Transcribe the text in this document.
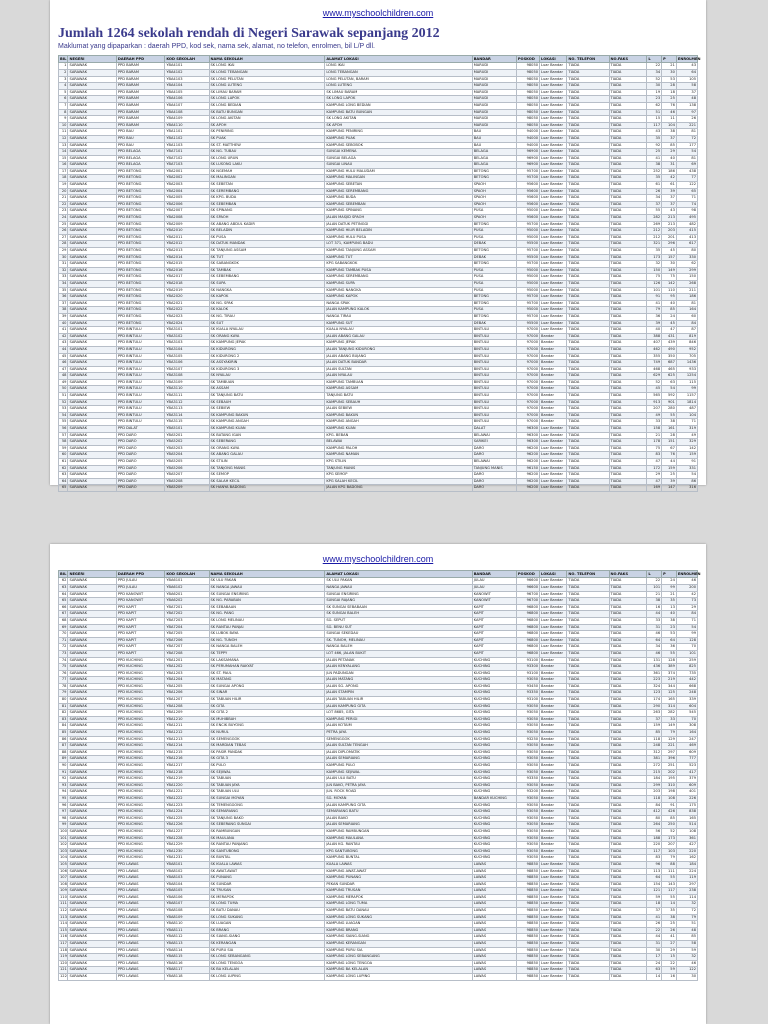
www.myschoolchildren.com
Jumlah 1264 sekolah rendah di Negeri Sarawak sepanjang 2012
Maklumat yang dipaparkan : daerah PPD, kod sek, nama sek, alamat, no telefon, enrolmen, bil L/P dll.
BIL	NEGERI	DAERAH PPD	KOD SEKOLAH	NAMA SEKOLAH	ALAMAT LOKASI	BANDAR	POSKOD	LOKASI	NO. TELEFON	NO.FAKS	L	P	ENROLMEN
1	SARAWAK	PPD BARAM	YBA4101	SK LONG IKAI	LONG IKAI	MARUDI	98050	Luar Bandar	TIADA	TIADA	22	21	43
2	SARAWAK	PPD BARAM	YBA4102	SK LONG TEBANGAN	LONG TEBANGAN	MARUDI	98050	Luar Bandar	TIADA	TIADA	34	30	64
3	SARAWAK	PPD BARAM	YBA4103	SK LONG PELUTAN	LONG PELUTAN, BARAM	MARUDI	98050	Luar Bandar	TIADA	TIADA	52	53	105
4	SARAWAK	PPD BARAM	YBA4104	SK LONG LUTENG	LONG LUTENG	MARUDI	98050	Luar Bandar	TIADA	TIADA	30	28	58
5	SARAWAK	PPD BARAM	YBA4105	SK LIMAU BARAM	SK LIMAU BARAM	MARUDI	98050	Luar Bandar	TIADA	TIADA	19	18	37
6	SARAWAK	PPD BARAM	YBA4106	SK LONG LAPOK	SK LONG LAPOK	MARUDI	98050	Luar Bandar	TIADA	TIADA	23	25	48
7	SARAWAK	PPD BARAM	YBA4107	SK LONG BEDIAN	KAMPUNG LONG BEDIAN	MARUDI	98050	Luar Bandar	TIADA	TIADA	62	76	138
8	SARAWAK	PPD BARAM	YBA4108	SK BATU BUNGAN	KAMPUNG BATU BUNGAN	MARUDI	98050	Luar Bandar	TIADA	TIADA	51	46	97
9	SARAWAK	PPD BARAM	YBA4109	SK LONG AKITAN	SK LONG AKITAN	MARUDI	98050	Luar Bandar	TIADA	TIADA	15	11	26
10	SARAWAK	PPD BARAM	YBA4110	SK APOH	SK APOH	MARUDI	98050	Luar Bandar	TIADA	TIADA	117	104	221
11	SARAWAK	PPD BAU	YBA1101	SK PENIRING	KAMPUNG PENIRING	BAU	94000	Luar Bandar	TIADA	TIADA	43	38	81
12	SARAWAK	PPD BAU	YBA1102	SK PUAK	KAMPUNG PUAK	BAU	94000	Luar Bandar	TIADA	TIADA	35	37	72
13	SARAWAK	PPD BAU	YBA1103	SK ST. MATTHEW	KAMPUNG SEBOBOK	BAU	94000	Luar Bandar	TIADA	TIADA	92	85	177
14	SARAWAK	PPD BELAGA	YBA7101	SK NG. TUBAU	SUNGAI KEMENA	BELAGA	96900	Luar Bandar	TIADA	TIADA	25	29	54
15	SARAWAK	PPD BELAGA	YBA7102	SK LONG URUN	SUNGAI BELAGA	BELAGA	96900	Luar Bandar	TIADA	TIADA	41	40	81
16	SARAWAK	PPD BELAGA	YBA7103	SK LUSONG LAKU	SUNGAI LINAU	BELAGA	96900	Luar Bandar	TIADA	TIADA	38	31	69
17	SARAWAK	PPD BETONG	YBA2001	SK NGEMAH	KAMPUNG HULU MALUDAM	BETONG	95700	Luar Bandar	TIADA	TIADA	252	186	438
18	SARAWAK	PPD BETONG	YBA2002	SK MALINGAN	KAMPUNG MALINGAN	BETONG	95700	Luar Bandar	TIADA	TIADA	35	42	77
19	SARAWAK	PPD BETONG	YBA2003	SK SEBETAN	KAMPUNG SEBETAN	SPAOH	95600	Luar Bandar	TIADA	TIADA	61	61	122
20	SARAWAK	PPD BETONG	YBA2004	SK SEREMBANG	KAMPUNG SEREMBANG	SPAOH	95600	Luar Bandar	TIADA	TIADA	26	39	65
21	SARAWAK	PPD BETONG	YBA2005	SK KPG. BUDA	KAMPUNG BUDA	SPAOH	95600	Luar Bandar	TIADA	TIADA	34	37	71
22	SARAWAK	PPD BETONG	YBA2006	SK SEBEMBAN	KAMPUNG SEBEMBAN	SPAOH	95600	Luar Bandar	TIADA	TIADA	37	37	74
23	SARAWAK	PPD BETONG	YBA2007	SK SPINANG	KAMPUNG SPINANG	PUSA	95000	Luar Bandar	TIADA	TIADA	55	43	98
24	SARAWAK	PPD BETONG	YBA2008	SK SPAOH	JALAN MASJID SPAOH	SPAOH	95600	Luar Bandar	TIADA	TIADA	282	213	495
25	SARAWAK	PPD BETONG	YBA2009	SK ABANG ABDUL KADIR	JALAN DATUK PETINGGI	BETONG	95700	Luar Bandar	TIADA	TIADA	269	213	482
26	SARAWAK	PPD BETONG	YBA2010	SK BELADIN	KAMPUNG HILIR BELADIN	PUSA	95000	Luar Bandar	TIADA	TIADA	212	203	415
27	SARAWAK	PPD BETONG	YBA2011	SK PUSA	KAMPUNG HULU PUSA	PUSA	95000	Luar Bandar	TIADA	TIADA	212	201	413
28	SARAWAK	PPD BETONG	YBA2012	SK DATUK MANDAK	LOT 371, KAMPUNG BADU	DEBAK	95500	Luar Bandar	TIADA	TIADA	321	296	617
29	SARAWAK	PPD BETONG	YBA2013	SK TANJUNG ASSAM	KAMPUNG TANJUNG ASSAM	BETONG	95700	Luar Bandar	TIADA	TIADA	35	45	80
30	SARAWAK	PPD BETONG	YBA2014	SK TUT	KAMPUNG TUT	DEBAK	95500	Luar Bandar	TIADA	TIADA	173	157	330
31	SARAWAK	PPD BETONG	YBA2015	SK SABANGKOK	KPG SABANGKOK	BETONG	95700	Luar Bandar	TIADA	TIADA	32	30	62
32	SARAWAK	PPD BETONG	YBA2016	SK TAMBAK	KAMPUNG TAMBAK PUSA	PUSA	95000	Luar Bandar	TIADA	TIADA	150	149	299
33	SARAWAK	PPD BETONG	YBA2017	SK SEBEMBANG	KAMPUNG SEREMBANG	PUSA	95000	Luar Bandar	TIADA	TIADA	75	75	150
34	SARAWAK	PPD BETONG	YBA2018	SK SUPA	KAMPUNG SUPA	PUSA	95000	Luar Bandar	TIADA	TIADA	126	142	268
35	SARAWAK	PPD BETONG	YBA2019	SK NANGKA	KAMPUNG NANGKA	PUSA	95000	Luar Bandar	TIADA	TIADA	101	110	211
36	SARAWAK	PPD BETONG	YBA2020	SK KAPOK	KAMPUNG KAPOK	BETONG	95700	Luar Bandar	TIADA	TIADA	91	95	186
37	SARAWAK	PPD BETONG	YBA2021	SK NG. SPAK	NANGA SPAK	BETONG	95700	Luar Bandar	TIADA	TIADA	41	40	81
38	SARAWAK	PPD BETONG	YBA2022	SK KALOK	JALAN KAMPUNG KALOK	PUSA	95000	Luar Bandar	TIADA	TIADA	79	85	164
39	SARAWAK	PPD BETONG	YBA2023	SK NG. TIRAU	NANGA TIRAU	BETONG	95700	Luar Bandar	TIADA	TIADA	36	24	60
40	SARAWAK	PPD BETONG	YBA2024	SK SUT	KAMPUNG SUT	DEBAK	95500	Luar Bandar	TIADA	TIADA	39	45	84
41	SARAWAK	PPD BINTULU	YBA3101	SK KUALA NYALAU	KUALA NYALAU	BINTULU	97000	Luar Bandar	TIADA	TIADA	40	47	87
42	SARAWAK	PPD BINTULU	YBA3102	SK ORANG KAYA	JALAN ABANG GALAU	BINTULU	97000	Bandar	TIADA	TIADA	388	431	819
43	SARAWAK	PPD BINTULU	YBA3103	SK KAMPUNG JEPAK	KAMPUNG JEPAK	BINTULU	97000	Bandar	TIADA	TIADA	407	439	846
44	SARAWAK	PPD BINTULU	YBA3104	SK KIDURONG	JALAN TANJUNG KIDURONG	BINTULU	97000	Bandar	TIADA	TIADA	462	490	952
45	SARAWAK	PPD BINTULU	YBA3105	SK KIDURONG 2	JALAN ABANG BUJANG	BINTULU	97000	Bandar	TIADA	TIADA	355	350	705
46	SARAWAK	PPD BINTULU	YBA3106	SK ASSYAKIRIN	JALAN DATUK BANDAR	BINTULU	97000	Bandar	TIADA	TIADA	749	687	1436
47	SARAWAK	PPD BINTULU	YBA3107	SK KIDURONG 3	JALAN SULTAN	BINTULU	97000	Bandar	TIADA	TIADA	468	465	933
48	SARAWAK	PPD BINTULU	YBA3108	SK NYALAU	JALAN NYALAU	BINTULU	97000	Bandar	TIADA	TIADA	629	625	1254
49	SARAWAK	PPD BINTULU	YBA3109	SK TAMBUAN	KAMPUNG TAMBUAN	BINTULU	97000	Bandar	TIADA	TIADA	52	63	115
50	SARAWAK	PPD BINTULU	YBA3110	SK ASSAM	KAMPUNG ASSAM	BINTULU	97000	Bandar	TIADA	TIADA	45	54	99
51	SARAWAK	PPD BINTULU	YBA3111	SK TANJUNG BATU	TANJUNG BATU	BINTULU	97000	Bandar	TIADA	TIADA	565	592	1157
52	SARAWAK	PPD BINTULU	YBA3112	SK SEBAUH	KAMPUNG SEBAUH	BINTULU	97000	Bandar	TIADA	TIADA	913	901	1814
53	SARAWAK	PPD BINTULU	YBA3113	SK SEBIEW	JALAN SEBIEW	BINTULU	97000	Bandar	TIADA	TIADA	207	280	487
54	SARAWAK	PPD BINTULU	YBA3114	SK KAMPUNG BAKUN	KAMPUNG BAKUN	BINTULU	97000	Bandar	TIADA	TIADA	49	55	104
55	SARAWAK	PPD BINTULU	YBA3115	SK KAMPUNG ANGAH	KAMPUNG ANGAH	BINTULU	97000	Bandar	TIADA	TIADA	33	38	71
56	SARAWAK	PPD DALAT	YBA5101	SK KAMPUNG KUAN	KAMPUNG KUAN	DALAT	96300	Luar Bandar	TIADA	TIADA	158	161	319
57	SARAWAK	PPD DARO	YBA5201	SK BATANG IGAN	KPG. BEBAN	BELAWAI	96300	Luar Bandar	TIADA	TIADA	21	28	49
58	SARAWAK	PPD DARO	YBA5202	SK SEBERANG	BELAWAI	SARIKEI	96300	Luar Bandar	TIADA	TIADA	178	151	329
59	SARAWAK	PPD DARO	YBA5203	SK ORANG KAYA	KAMPUNG PALOH	DARO	96200	Luar Bandar	TIADA	TIADA	75	67	142
60	SARAWAK	PPD DARO	YBA5204	SK ABANG GALAU	KAMPUNG NAMAN	DARO	96200	Luar Bandar	TIADA	TIADA	83	76	159
61	SARAWAK	PPD DARO	YBA5205	SK STILIN	KPG STILIN	BELAWAI	96200	Luar Bandar	TIADA	TIADA	47	44	91
62	SARAWAK	PPD DARO	YBA5206	SK TANJONG MANIS	TANJUNG MANIS	TANJUNG MANIS	96150	Luar Bandar	TIADA	TIADA	172	159	331
63	SARAWAK	PPD DARO	YBA5207	SK SEMOP	KPG SEMOP	DARO	96200	Luar Bandar	TIADA	TIADA	29	25	54
64	SARAWAK	PPD DARO	YBA5208	SK SALAH KECIL	KPG SALAH KECIL	DARO	96200	Luar Bandar	TIADA	TIADA	47	39	86
65	SARAWAK	PPD DARO	YBA5209	SK HANYA BADONG	JALAN KPG BADONG	DARO	96200	Luar Bandar	TIADA	TIADA	169	147	316
www.myschoolchildren.com
BIL	NEGERI	DAERAH PPD	KOD SEKOLAH	NAMA SEKOLAH	ALAMAT LOKASI	BANDAR	POSKOD	LOKASI	NO. TELEFON	NO.FAKS	L	P	ENROLMEN
62	SARAWAK	PPD JULAU	YBA6101	SK ULU PAKAN	SK ULU PAKAN	JULAU	96600	Luar Bandar	TIADA	TIADA	22	24	46
63	SARAWAK	PPD JULAU	YBA6102	SK NANGA JAWAU	NANGA JAWAU	JULAU	96600	Luar Bandar	TIADA	TIADA	101	99	200
64	SARAWAK	PPD KANOWIT	YBA6201	SK SUNGAI ENSIRING	SUNGAI ENSIRING	KANOWIT	96700	Luar Bandar	TIADA	TIADA	21	21	42
65	SARAWAK	PPD KANOWIT	YBA6202	SK NG. PARABAN	SUNGAI RAJANG	KANOWIT	96700	Luar Bandar	TIADA	TIADA	38	35	73
66	SARAWAK	PPD KAPIT	YBA7201	SK SEBABAAN	SK SUNGAI SEBABAAN	KAPIT	96800	Luar Bandar	TIADA	TIADA	16	13	29
67	SARAWAK	PPD KAPIT	YBA7202	SK NG. PANG	SK SUNGAI BALEH	KAPIT	96800	Luar Bandar	TIADA	TIADA	44	40	84
68	SARAWAK	PPD KAPIT	YBA7203	SK LONG MELINAU	SG. SEPUT	KAPIT	96800	Luar Bandar	TIADA	TIADA	33	38	71
69	SARAWAK	PPD KAPIT	YBA7204	SK RANTAU PANJAI	SG. BENU SUT	KAPIT	96800	Luar Bandar	TIADA	TIADA	31	23	54
70	SARAWAK	PPD KAPIT	YBA7205	SK LUBOK BAYA	SUNGAI SEKEDAU	KAPIT	96800	Luar Bandar	TIADA	TIADA	46	53	99
71	SARAWAK	PPD KAPIT	YBA7206	SK NG. TUNOH	SK. TUNOH, MELINAU	KAPIT	96800	Luar Bandar	TIADA	TIADA	64	64	128
72	SARAWAK	PPD KAPIT	YBA7207	SK NANGA BALEH	NANGA BALEH	KAPIT	96800	Luar Bandar	TIADA	TIADA	34	36	70
73	SARAWAK	PPD KAPIT	YBA7208	SK TEPPY	LOT 466, JALAN BUKIT	KAPIT	96800	Luar Bandar	TIADA	TIADA	46	55	101
74	SARAWAK	PPD KUCHING	YBA1201	SK LAKSAMANA	JALAN PETANAK	KUCHING	93100	Bandar	TIADA	TIADA	131	128	259
75	SARAWAK	PPD KUCHING	YBA1202	SK PERUMAHAN RAKYAT	JALAN KENYALANG	KUCHING	93300	Bandar	TIADA	TIADA	436	389	825
76	SARAWAK	PPD KUCHING	YBA1203	SK ST. PAUL	JLN PADUNGAN	KUCHING	93100	Bandar	TIADA	TIADA	361	374	735
77	SARAWAK	PPD KUCHING	YBA1204	SK MATANG	JALAN MATANG	KUCHING	93050	Bandar	TIADA	TIADA	223	219	442
78	SARAWAK	PPD KUCHING	YBA1205	SK SUNGAI APONG	JALAN SG. APONG	KUCHING	93450	Bandar	TIADA	TIADA	324	344	668
79	SARAWAK	PPD KUCHING	YBA1206	SK SINAR	JALAN STAMPIN	KUCHING	93350	Bandar	TIADA	TIADA	123	125	248
80	SARAWAK	PPD KUCHING	YBA1207	SK TABUAN HILIR	JALAN TABUAN HILIR	KUCHING	93100	Bandar	TIADA	TIADA	174	165	339
81	SARAWAK	PPD KUCHING	YBA1208	SK GITA	JALAN KAMPUNG GITA	KUCHING	93050	Bandar	TIADA	TIADA	290	314	604
82	SARAWAK	PPD KUCHING	YBA1209	SK GITA 2	LOT 8685, GITA	KUCHING	93050	Bandar	TIADA	TIADA	263	282	545
83	SARAWAK	PPD KUCHING	YBA1210	SK MUHIBBAH	KAMPUNG PERIGI	KUCHING	93050	Bandar	TIADA	TIADA	37	33	70
84	SARAWAK	PPD KUCHING	YBA1211	SK ENCIK BUYONG	JALAN KOTAIM	KUCHING	93050	Bandar	TIADA	TIADA	159	149	308
85	SARAWAK	PPD KUCHING	YBA1212	SK NURUL	PETRA JAYA	KUCHING	93050	Bandar	TIADA	TIADA	85	79	164
86	SARAWAK	PPD KUCHING	YBA1213	SK SEMENGGOK	SEMENGGOK	KUCHING	93250	Bandar	TIADA	TIADA	118	129	247
87	SARAWAK	PPD KUCHING	YBA1214	SK MARDIAN TEBAS	JALAN SULTAN TENGAH	KUCHING	93050	Bandar	TIADA	TIADA	248	221	469
88	SARAWAK	PPD KUCHING	YBA1215	SK PASIR PANDAK	JALAN DIPLOMATIK	KUCHING	93050	Bandar	TIADA	TIADA	312	297	609
89	SARAWAK	PPD KUCHING	YBA1216	SK GITA 3	JALAN SEMARIANG	KUCHING	93050	Bandar	TIADA	TIADA	381	396	777
90	SARAWAK	PPD KUCHING	YBA1217	SK PULO	KAMPUNG PULO	KUCHING	93050	Bandar	TIADA	TIADA	272	251	523
91	SARAWAK	PPD KUCHING	YBA1218	SK SEJIWAL	KAMPUNG SEJIWAL	KUCHING	93050	Bandar	TIADA	TIADA	215	202	417
92	SARAWAK	PPD KUCHING	YBA1219	SK TABUAN	JALAN ULU BATU	KUCHING	93350	Bandar	TIADA	TIADA	184	195	379
93	SARAWAK	PPD KUCHING	YBA1220	SK TABUAN JAYA	JLN BAKO, PETRA JAYA	KUCHING	93050	Bandar	TIADA	TIADA	299	310	609
94	SARAWAK	PPD KUCHING	YBA1221	SK TABUAN ULU	JLN. ROCK ROAD	KUCHING	93200	Bandar	TIADA	TIADA	203	198	401
95	SARAWAK	PPD KUCHING	YBA1222	SK SUNGAI MOYAN	SG. MOYAN	BANDAR KUCHING	93050	Bandar	TIADA	TIADA	118	108	226
96	SARAWAK	PPD KUCHING	YBA1223	SK TEMENGGONG	JALAN KAMPUNG GITA	KUCHING	93050	Bandar	TIADA	TIADA	84	91	175
97	SARAWAK	PPD KUCHING	YBA1224	SK SEMARIANG	SEMARIANG BATU	KUCHING	93050	Bandar	TIADA	TIADA	412	426	838
98	SARAWAK	PPD KUCHING	YBA1225	SK TANJUNG BAKO	JALAN BAKO	KUCHING	93050	Bandar	TIADA	TIADA	80	85	165
99	SARAWAK	PPD KUCHING	YBA1226	SK SEBERANG SUNGAI	JALAN SEMARIANG	KUCHING	93050	Bandar	TIADA	TIADA	264	250	514
100	SARAWAK	PPD KUCHING	YBA1227	SK RAMBUNGAN	KAMPUNG RAMBUNGAN	KUCHING	93050	Bandar	TIADA	TIADA	56	52	108
101	SARAWAK	PPD KUCHING	YBA1228	SK MAULANA	KAMPUNG MAULANA	KUCHING	93050	Bandar	TIADA	TIADA	188	173	361
102	SARAWAK	PPD KUCHING	YBA1229	SK RANTAU PANJANG	JALAN KG. RANTAU	KUCHING	93050	Bandar	TIADA	TIADA	220	207	427
103	SARAWAK	PPD KUCHING	YBA1230	SK SANTUBONG	KPG SANTUBONG	KUCHING	93050	Bandar	TIADA	TIADA	117	103	220
104	SARAWAK	PPD KUCHING	YBA1231	SK BUNTAL	KAMPUNG BUNTAL	KUCHING	93050	Bandar	TIADA	TIADA	83	79	162
105	SARAWAK	PPD LAWAS	YBA8101	SK KUALA LAWAS	KUALA LAWAS	LAWAS	98850	Luar Bandar	TIADA	TIADA	96	88	184
106	SARAWAK	PPD LAWAS	YBA8102	SK AWAT-AWAT	KAMPUNG AWAT-AWAT	LAWAS	98850	Luar Bandar	TIADA	TIADA	113	111	224
107	SARAWAK	PPD LAWAS	YBA8103	SK PUNANG	KAMPUNG PUNANG	LAWAS	98850	Luar Bandar	TIADA	TIADA	64	55	119
108	SARAWAK	PPD LAWAS	YBA8104	SK SUNDAR	PEKAN SUNDAR	LAWAS	98850	Luar Bandar	TIADA	TIADA	154	143	297
109	SARAWAK	PPD LAWAS	YBA8105	SK TRUSAN	KAMPUNG TRUSAN	LAWAS	98850	Luar Bandar	TIADA	TIADA	121	117	238
110	SARAWAK	PPD LAWAS	YBA8106	SK MERAPOK	KAMPUNG MERAPOK	LAWAS	98850	Luar Bandar	TIADA	TIADA	59	55	114
111	SARAWAK	PPD LAWAS	YBA8107	SK LONG TUMA	KAMPUNG LONG TUMA	LAWAS	98850	Luar Bandar	TIADA	TIADA	18	14	32
112	SARAWAK	PPD LAWAS	YBA8108	SK BATU DANAU	KAMPUNG BATU DANAU	LAWAS	98850	Luar Bandar	TIADA	TIADA	37	35	72
113	SARAWAK	PPD LAWAS	YBA8109	SK LONG SUKANG	KAMPUNG LONG SUKANG	LAWAS	98850	Luar Bandar	TIADA	TIADA	41	38	79
114	SARAWAK	PPD LAWAS	YBA8110	SK LUAGAN	KAMPUNG LUAGAN	LAWAS	98850	Luar Bandar	TIADA	TIADA	26	25	51
115	SARAWAK	PPD LAWAS	YBA8111	SK BRANG	KAMPUNG BRANG	LAWAS	98850	Luar Bandar	TIADA	TIADA	22	26	48
116	SARAWAK	PPD LAWAS	YBA8112	SK SIANG-SIANG	KAMPUNG SIANG-SIANG	LAWAS	98850	Luar Bandar	TIADA	TIADA	44	41	85
117	SARAWAK	PPD LAWAS	YBA8113	SK KERANGAN	KAMPUNG KERANGAN	LAWAS	98850	Luar Bandar	TIADA	TIADA	31	27	58
118	SARAWAK	PPD LAWAS	YBA8114	SK PURU SIA	KAMPUNG PURU SIA	LAWAS	98850	Luar Bandar	TIADA	TIADA	30	29	59
119	SARAWAK	PPD LAWAS	YBA8115	SK LONG SEBANGANG	KAMPUNG LONG SEBANGANG	LAWAS	98850	Luar Bandar	TIADA	TIADA	17	15	32
120	SARAWAK	PPD LAWAS	YBA8116	SK LONG TENGOA	KAMPUNG LONG TENGOA	LAWAS	98850	Luar Bandar	TIADA	TIADA	24	22	46
121	SARAWAK	PPD LAWAS	YBA8117	SK BA KELALAN	KAMPUNG BA KELALAN	LAWAS	98850	Luar Bandar	TIADA	TIADA	63	59	122
122	SARAWAK	PPD LAWAS	YBA8118	SK LONG LUPING	KAMPUNG LONG LUPING	LAWAS	98850	Luar Bandar	TIADA	TIADA	14	16	30
